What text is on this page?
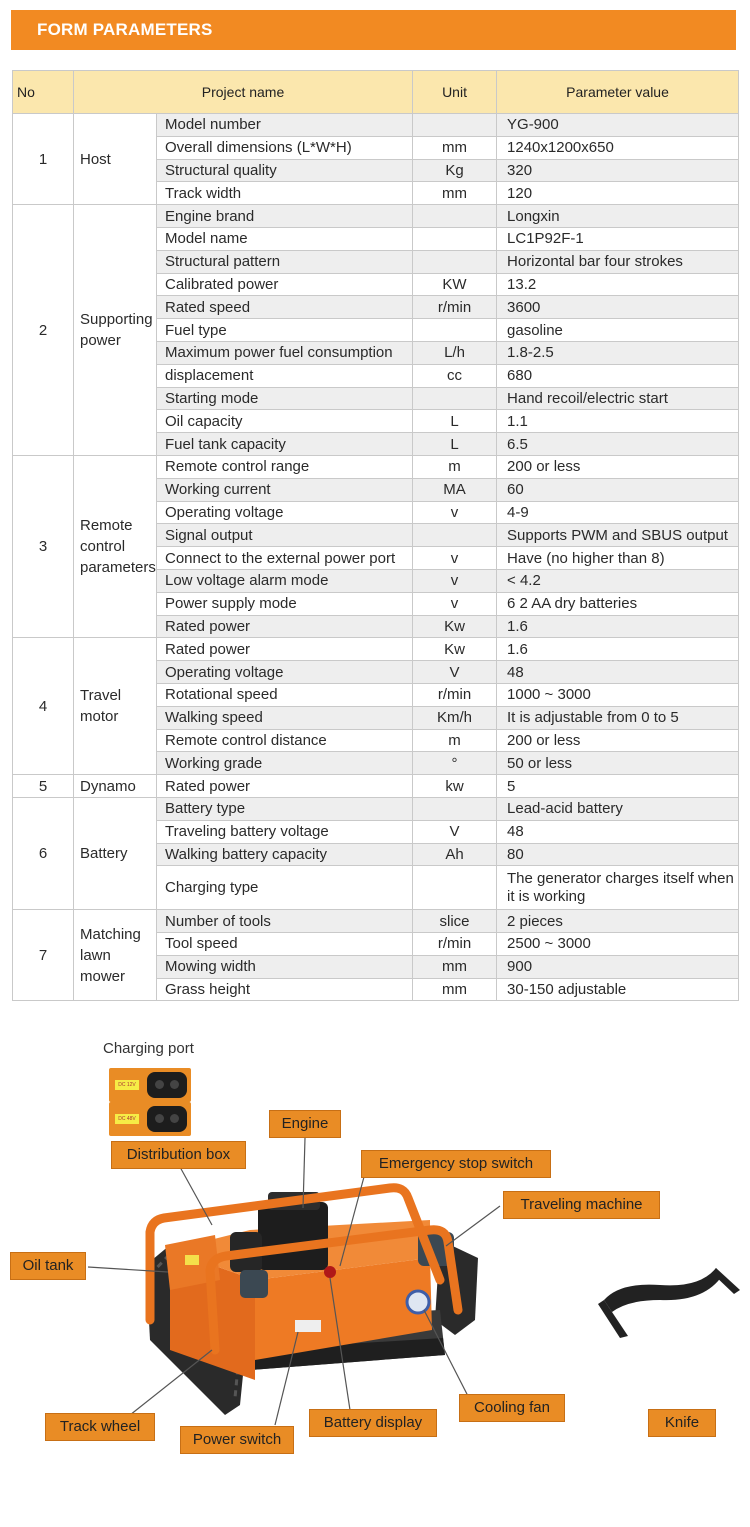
FORM PARAMETERS
No	Project name		Unit	Parameter value
1	Host	Model number		YG-900
		Overall dimensions (L*W*H)	mm	1240x1200x650
		Structural quality	Kg	320
		Track width	mm	120
2	Supporting power	Engine brand		Longxin
		Model name		LC1P92F-1
		Structural pattern		Horizontal bar four strokes
		Calibrated power	KW	13.2
		Rated speed	r/min	3600
		Fuel type		gasoline
		Maximum power fuel consumption	L/h	1.8-2.5
		displacement	cc	680
		Starting mode		Hand recoil/electric start
		Oil capacity	L	1.1
		Fuel tank capacity	L	6.5
3	Remote control parameters	Remote control range	m	200 or less
		Working current	MA	60
		Operating voltage	v	4-9
		Signal output		Supports PWM and SBUS output
		Connect to the external power port	v	Have (no higher than 8)
		Low voltage alarm mode	v	< 4.2
		Power supply mode	v	6 2 AA dry batteries
		Rated power	Kw	1.6
4	Travel motor	Rated power	Kw	1.6
		Operating voltage	V	48
		Rotational speed	r/min	1000 ~ 3000
		Walking speed	Km/h	It is adjustable from 0 to 5
		Remote control distance	m	200 or less
		Working grade	°	50 or less
5	Dynamo	Rated power	kw	5
6	Battery	Battery type		Lead-acid battery
		Traveling battery voltage	V	48
		Walking battery capacity	Ah	80
		Charging type		The generator charges itself when it is working
7	Matching lawn mower	Number of tools	slice	2 pieces
		Tool speed	r/min	2500 ~ 3000
		Mowing width	mm	900
		Grass height	mm	30-150 adjustable
Charging port
DC 12V
DC 48V	Engine
Distribution box
Emergency stop switch
Traveling machine
Oil tank
Track wheel
Power switch
Battery display
Cooling fan
Knife
